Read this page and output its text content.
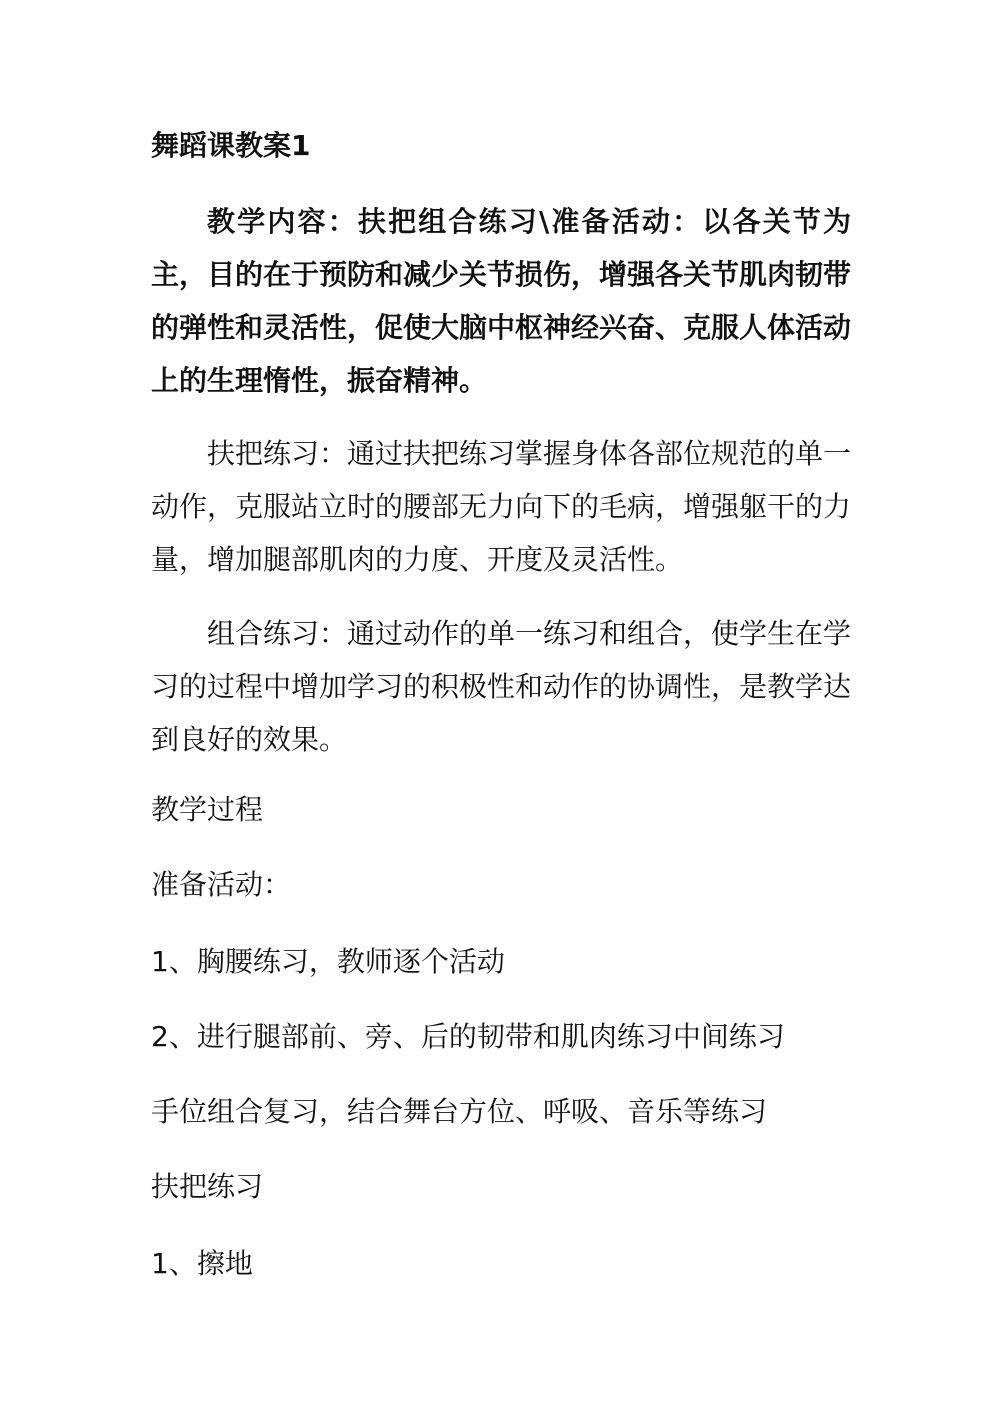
舞蹈课教案1

教学内容：扶把组合练习\准备活动：以各关节为主，目的在于预防和减少关节损伤，增强各关节肌肉韧带的弹性和灵活性，促使大脑中枢神经兴奋、克服人体活动上的生理惰性，振奋精神。

扶把练习：通过扶把练习掌握身体各部位规范的单一动作，克服站立时的腰部无力向下的毛病，增强躯干的力量，增加腿部肌肉的力度、开度及灵活性。

组合练习：通过动作的单一练习和组合，使学生在学习的过程中增加学习的积极性和动作的协调性，是教学达到良好的效果。

教学过程

准备活动：

1、胸腰练习，教师逐个活动

2、进行腿部前、旁、后的韧带和肌肉练习中间练习

手位组合复习，结合舞台方位、呼吸、音乐等练习

扶把练习

1、擦地
